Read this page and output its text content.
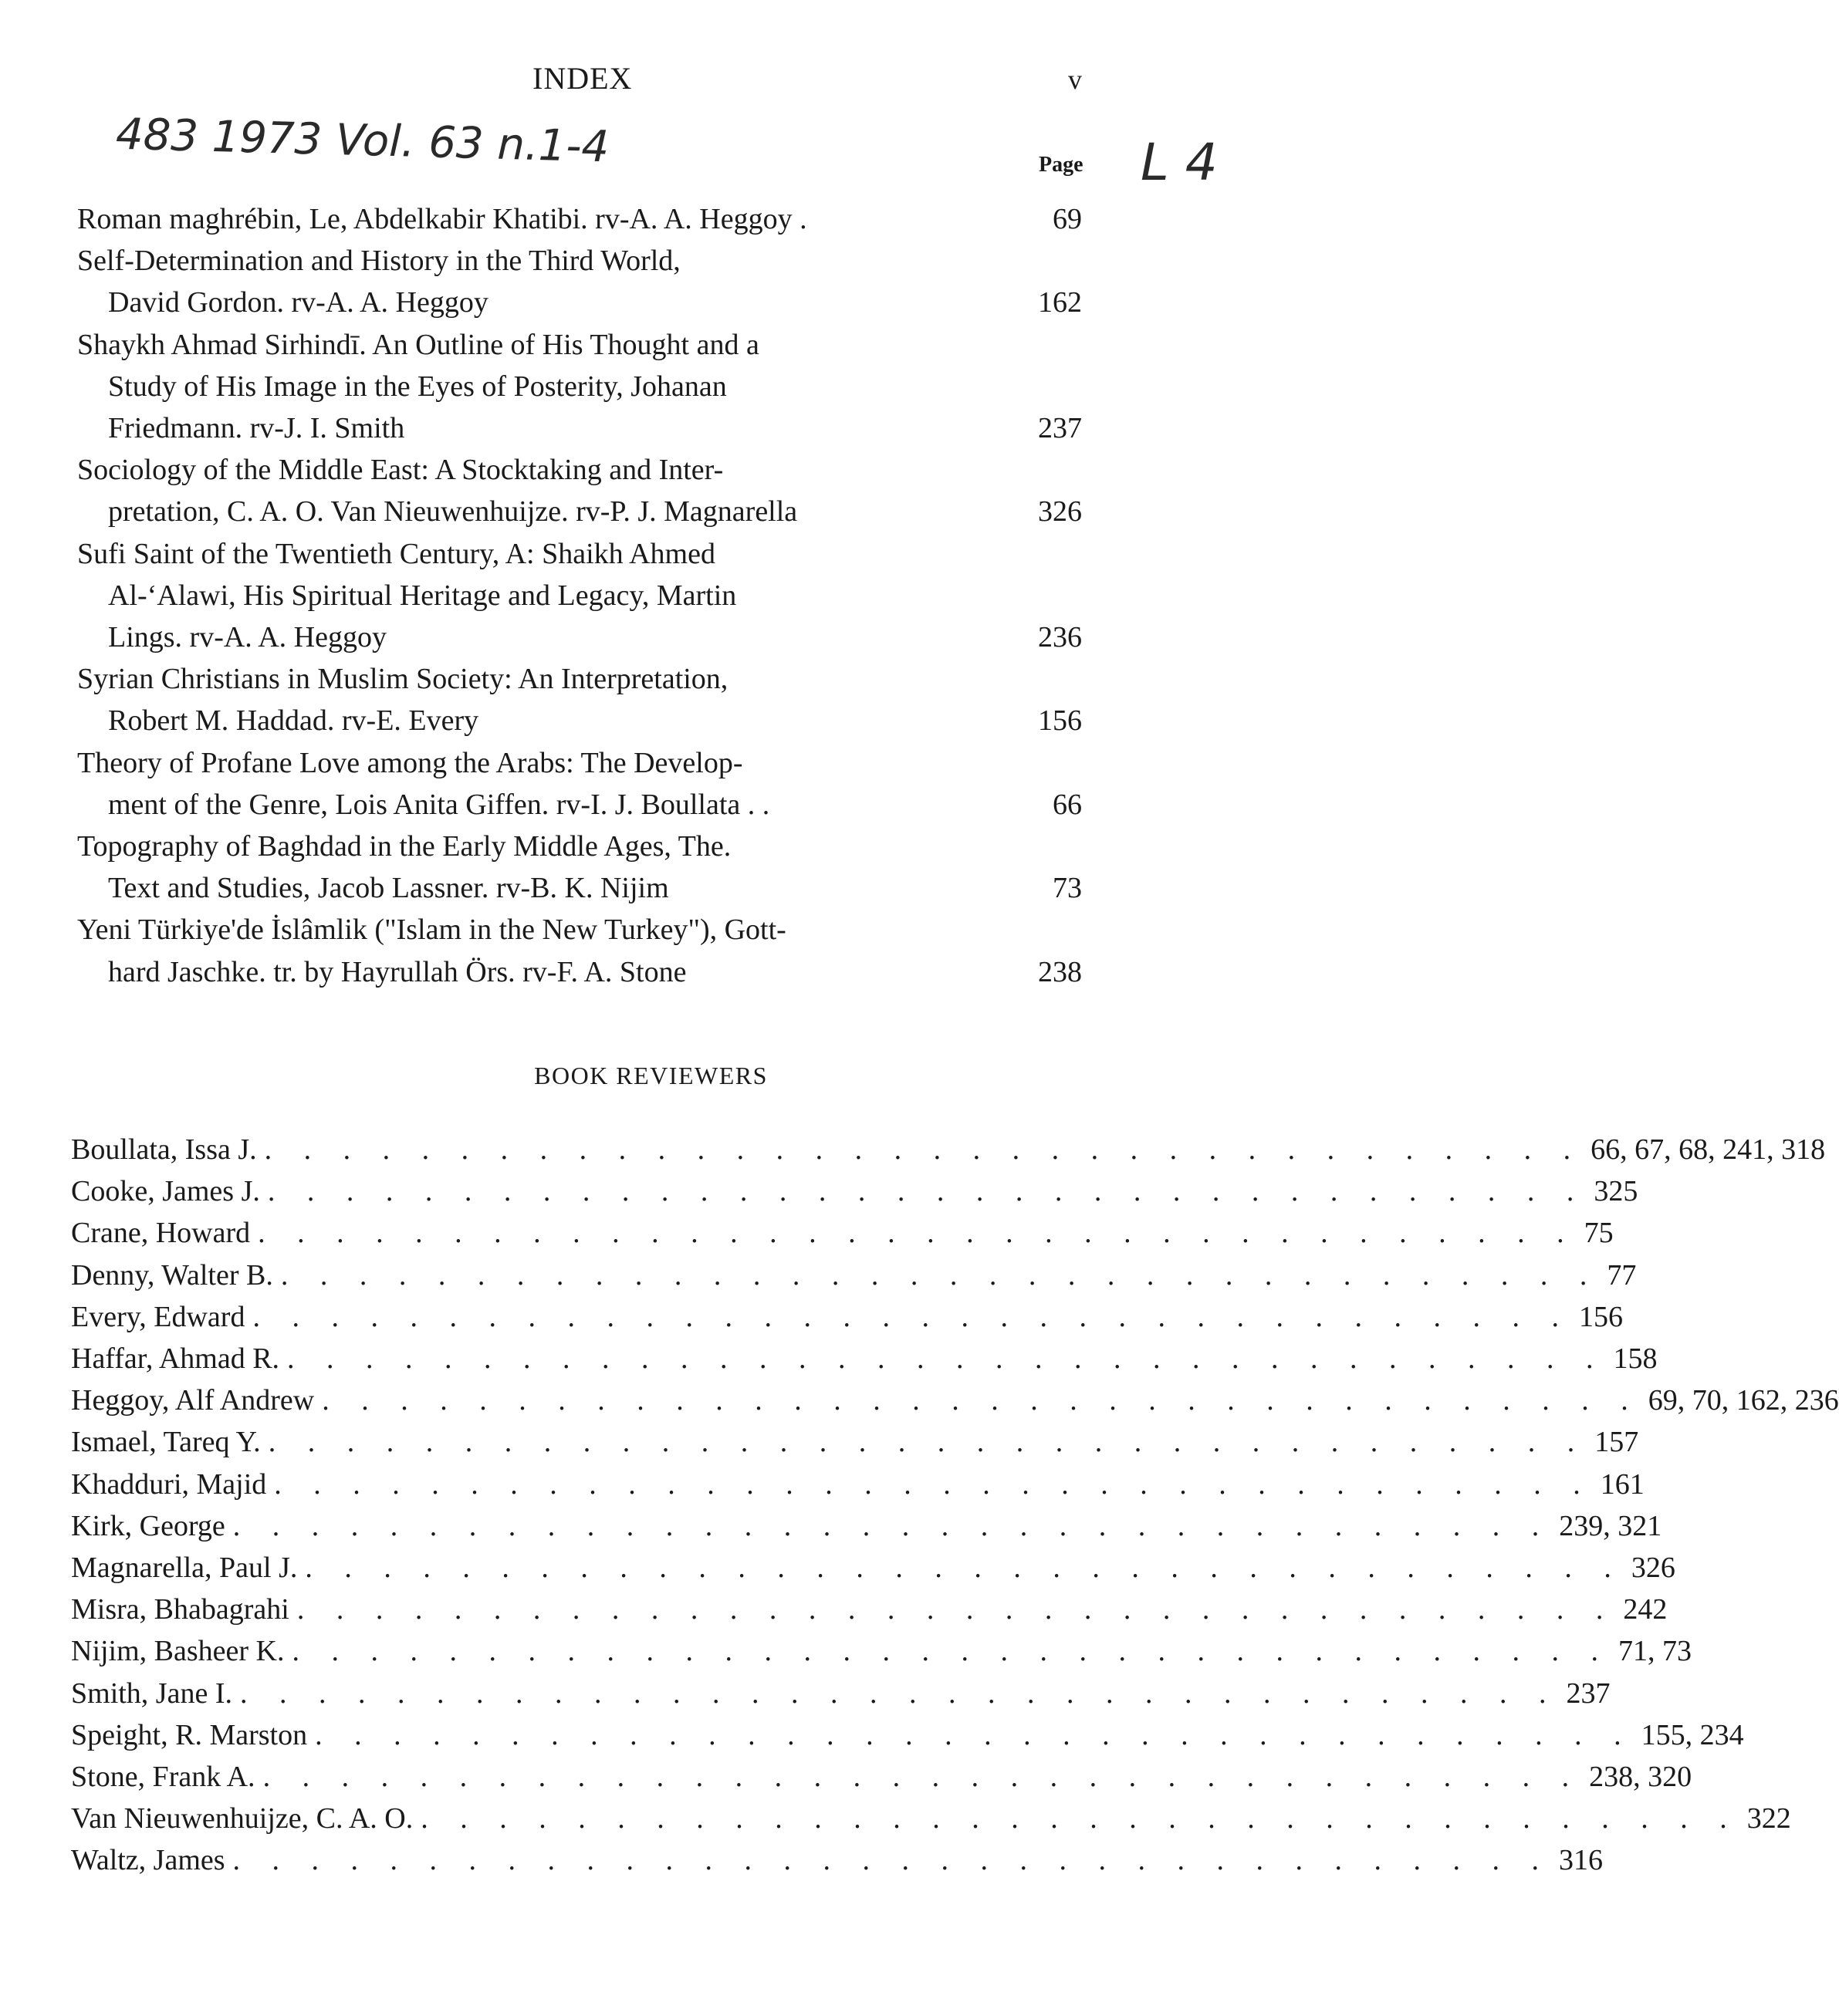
INDEX	v
483 1973 Vol. 63 n.1-4	L 4
Page
Roman maghrébin, Le, Abdelkabir Khatibi. rv-A. A. Heggoy .	69
Self-Determination and History in the Third World,
David Gordon. rv-A. A. Heggoy	162
Shaykh Ahmad Sirhindī. An Outline of His Thought and a
Study of His Image in the Eyes of Posterity, Johanan
Friedmann. rv-J. I. Smith	237
Sociology of the Middle East: A Stocktaking and Inter-
pretation, C. A. O. Van Nieuwenhuijze. rv-P. J. Magnarella	326
Sufi Saint of the Twentieth Century, A: Shaikh Ahmed
Al-‘Alawi, His Spiritual Heritage and Legacy, Martin
Lings. rv-A. A. Heggoy	236
Syrian Christians in Muslim Society: An Interpretation,
Robert M. Haddad. rv-E. Every	156
Theory of Profane Love among the Arabs: The Develop-
ment of the Genre, Lois Anita Giffen. rv-I. J. Boullata . .	66
Topography of Baghdad in the Early Middle Ages, The.
Text and Studies, Jacob Lassner. rv-B. K. Nijim	73
Yeni Türkiye'de İslâmlik ("Islam in the New Turkey"), Gott-
hard Jaschke. tr. by Hayrullah Örs. rv-F. A. Stone	238
BOOK REVIEWERS
Boullata, Issa J. . . . . . . . . . . . . . . . . . . . . . . . . . . . . . . . . . . 66, 67, 68, 241, 318
Cooke, James J. . . . . . . . . . . . . . . . . . . . . . . . . . . . . . . . . . . 325
Crane, Howard . . . . . . . . . . . . . . . . . . . . . . . . . . . . . . . . . . 75
Denny, Walter B. . . . . . . . . . . . . . . . . . . . . . . . . . . . . . . . . . . 77
Every, Edward . . . . . . . . . . . . . . . . . . . . . . . . . . . . . . . . . . 156
Haffar, Ahmad R. . . . . . . . . . . . . . . . . . . . . . . . . . . . . . . . . . . 158
Heggoy, Alf Andrew . . . . . . . . . . . . . . . . . . . . . . . . . . . . . . . . . . 69, 70, 162, 236
Ismael, Tareq Y. . . . . . . . . . . . . . . . . . . . . . . . . . . . . . . . . . . 157
Khadduri, Majid . . . . . . . . . . . . . . . . . . . . . . . . . . . . . . . . . . 161
Kirk, George . . . . . . . . . . . . . . . . . . . . . . . . . . . . . . . . . . 239, 321
Magnarella, Paul J. . . . . . . . . . . . . . . . . . . . . . . . . . . . . . . . . . . 326
Misra, Bhabagrahi . . . . . . . . . . . . . . . . . . . . . . . . . . . . . . . . . . 242
Nijim, Basheer K. . . . . . . . . . . . . . . . . . . . . . . . . . . . . . . . . . . 71, 73
Smith, Jane I. . . . . . . . . . . . . . . . . . . . . . . . . . . . . . . . . . . 237
Speight, R. Marston . . . . . . . . . . . . . . . . . . . . . . . . . . . . . . . . . . 155, 234
Stone, Frank A. . . . . . . . . . . . . . . . . . . . . . . . . . . . . . . . . . . 238, 320
Van Nieuwenhuijze, C. A. O. . . . . . . . . . . . . . . . . . . . . . . . . . . . . . . . . . . 322
Waltz, James . . . . . . . . . . . . . . . . . . . . . . . . . . . . . . . . . . 316
